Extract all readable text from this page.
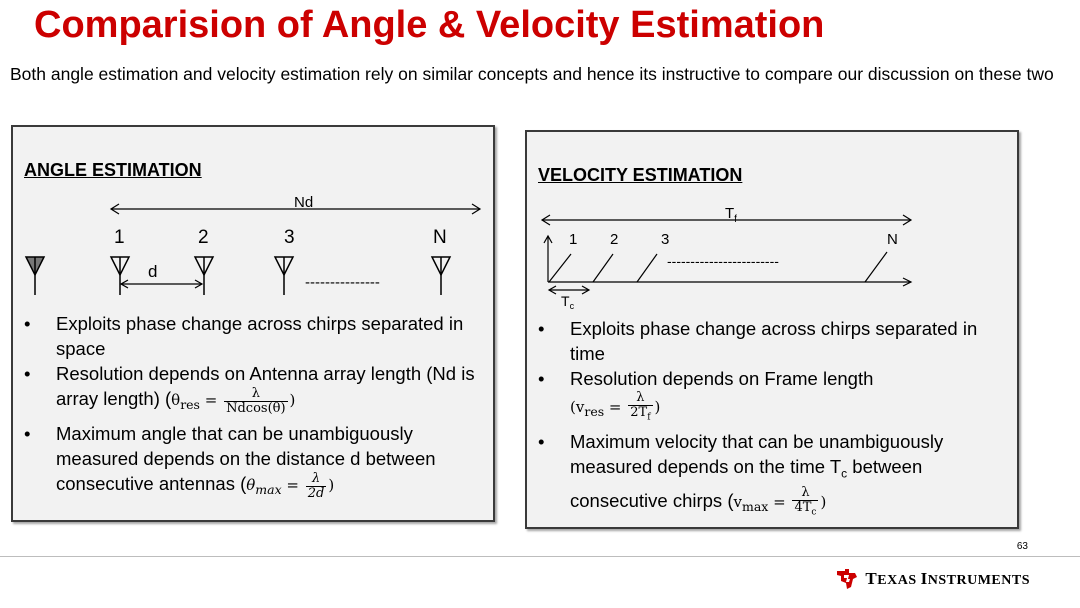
Comparision of Angle & Velocity Estimation

Both angle estimation and velocity estimation rely on similar concepts and hence its instructive to compare our discussion on these two

ANGLE ESTIMATION
Nd
1	2	3	N
d
---------------
• Exploits phase change across chirps separated in space
• Resolution depends on Antenna array length (Nd is array length) ($\theta_{res} = \frac{\lambda}{Ndcos(\theta)}$ )
• Maximum angle that can be unambiguously measured depends on the distance d between consecutive antennas ($\theta_{max} = \frac{\lambda}{2d}$ )
VELOCITY ESTIMATION
$T_f$
1 2	3	N
------------------------
$T_c$
• Exploits phase change across chirps separated in time
• Resolution depends on Frame length
($v_{res} = \frac{\lambda}{2T_f}$ )
• Maximum velocity that can be unambiguously measured depends on the time $T_c$ between consecutive chirps ($v_{max} = \frac{\lambda}{4T_c}$ )
63
TEXAS INSTRUMENTS
